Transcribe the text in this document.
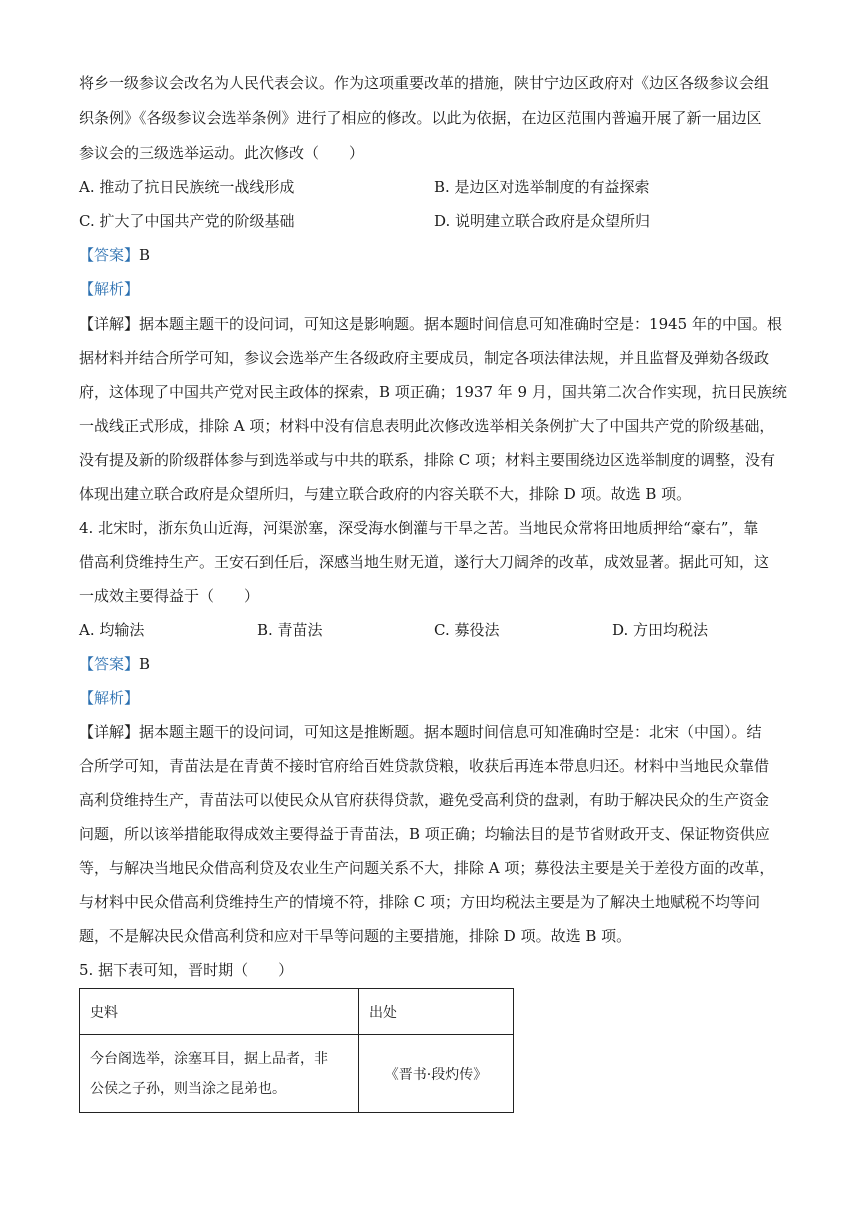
将乡一级参议会改名为人民代表会议。作为这项重要改革的措施，陕甘宁边区政府对《边区各级参议会组
织条例》《各级参议会选举条例》进行了相应的修改。以此为依据，在边区范围内普遍开展了新一届边区
参议会的三级选举运动。此次修改（　　）
A. 推动了抗日民族统一战线形成	B. 是边区对选举制度的有益探索
C. 扩大了中国共产党的阶级基础	D. 说明建立联合政府是众望所归
【答案】B
【解析】
【详解】据本题主题干的设问词，可知这是影响题。据本题时间信息可知准确时空是：1945 年的中国。根
据材料并结合所学可知，参议会选举产生各级政府主要成员，制定各项法律法规，并且监督及弹劾各级政
府，这体现了中国共产党对民主政体的探索，B 项正确；1937 年 9 月，国共第二次合作实现，抗日民族统
一战线正式形成，排除 A 项；材料中没有信息表明此次修改选举相关条例扩大了中国共产党的阶级基础，
没有提及新的阶级群体参与到选举或与中共的联系，排除 C 项；材料主要围绕边区选举制度的调整，没有
体现出建立联合政府是众望所归，与建立联合政府的内容关联不大，排除 D 项。故选 B 项。
4. 北宋时，浙东负山近海，河渠淤塞，深受海水倒灌与干旱之苦。当地民众常将田地质押给“豪右”，靠
借高利贷维持生产。王安石到任后，深感当地生财无道，遂行大刀阔斧的改革，成效显著。据此可知，这
一成效主要得益于（　　）
A. 均输法	B. 青苗法	C. 募役法	D. 方田均税法
【答案】B
【解析】
【详解】据本题主题干的设问词，可知这是推断题。据本题时间信息可知准确时空是：北宋（中国）。结
合所学可知，青苗法是在青黄不接时官府给百姓贷款贷粮，收获后再连本带息归还。材料中当地民众靠借
高利贷维持生产，青苗法可以使民众从官府获得贷款，避免受高利贷的盘剥，有助于解决民众的生产资金
问题，所以该举措能取得成效主要得益于青苗法，B 项正确；均输法目的是节省财政开支、保证物资供应
等，与解决当地民众借高利贷及农业生产问题关系不大，排除 A 项；募役法主要是关于差役方面的改革，
与材料中民众借高利贷维持生产的情境不符，排除 C 项；方田均税法主要是为了解决土地赋税不均等问
题，不是解决民众借高利贷和应对干旱等问题的主要措施，排除 D 项。故选 B 项。
5. 据下表可知，晋时期（　　）
史料	出处

今台阁选举，涂塞耳目，据上品者，非
公侯之子孙，则当涂之昆弟也。	《晋书·段灼传》
